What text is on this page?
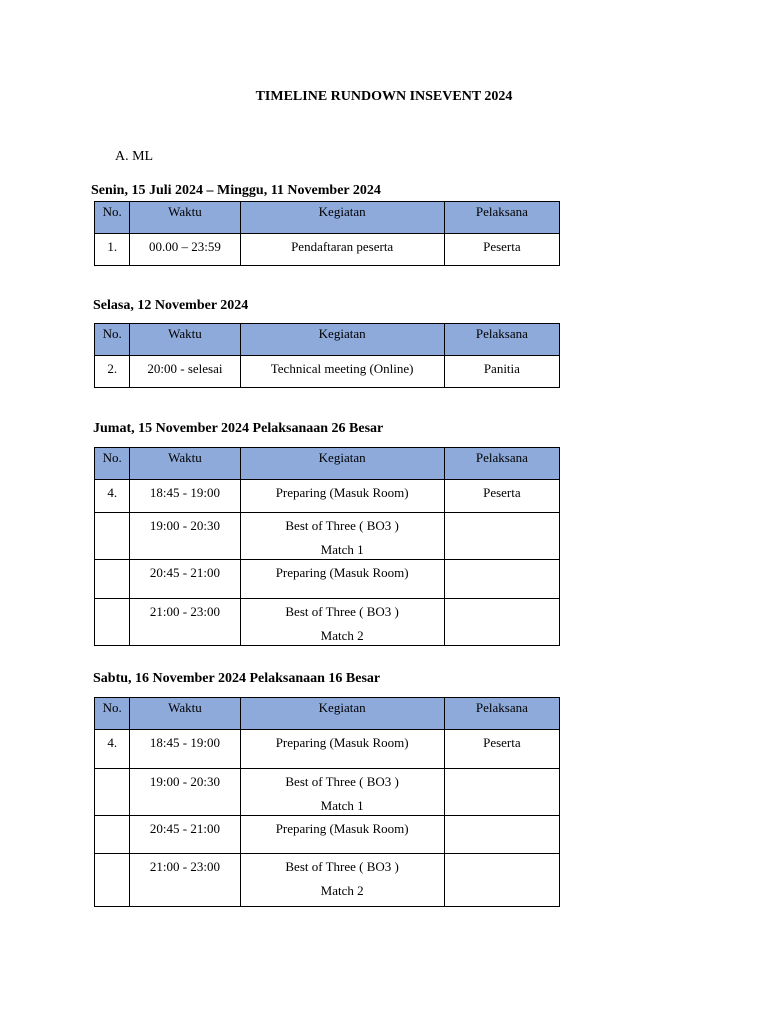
TIMELINE RUNDOWN INSEVENT 2024
A. ML
Senin, 15 Juli 2024 – Minggu, 11 November 2024
No.	Waktu	Kegiatan	Pelaksana
1.	00.00 – 23:59	Pendaftaran peserta	Peserta
Selasa, 12 November 2024
No.	Waktu	Kegiatan	Pelaksana
2.	20:00 - selesai	Technical meeting (Online)	Panitia
Jumat, 15 November 2024 Pelaksanaan 26 Besar
No.	Waktu	Kegiatan	Pelaksana
4.	18:45 - 19:00	Preparing (Masuk Room)	Peserta
	19:00 - 20:30	Best of Three ( BO3 )
Match 1	

	20:45 - 21:00	Preparing (Masuk Room)	
	21:00 - 23:00	Best of Three ( BO3 )
Match 2	

Sabtu, 16 November 2024 Pelaksanaan 16 Besar
No.	Waktu	Kegiatan	Pelaksana
4.	18:45 - 19:00	Preparing (Masuk Room)	Peserta
	19:00 - 20:30	Best of Three ( BO3 )
Match 1	

	20:45 - 21:00	Preparing (Masuk Room)	
	21:00 - 23:00	Best of Three ( BO3 )
Match 2	
